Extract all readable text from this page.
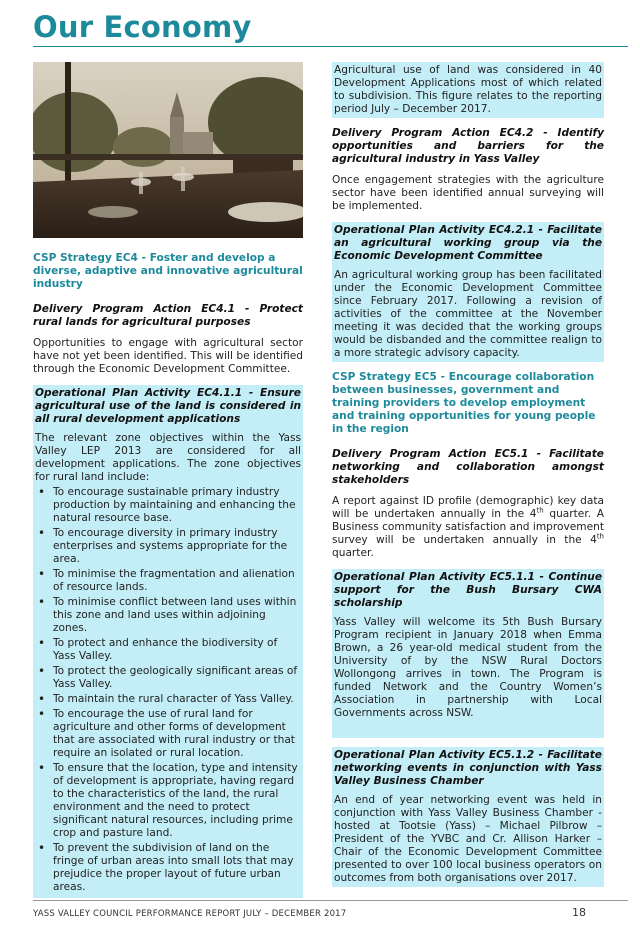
Our Economy
CSP Strategy EC4 - Foster and develop a diverse, adaptive and innovative agricultural industry
Delivery Program Action EC4.1 - Protect rural lands for agricultural purposes

Opportunities to engage with agricultural sector have not yet been identified. This will be identified through the Economic Development Committee.

Operational Plan Activity EC4.1.1 - Ensure agricultural use of the land is considered in all rural development applications

The relevant zone objectives within the Yass Valley LEP 2013 are considered for all development applications. The zone objectives for rural land include:

• To encourage sustainable primary industry production by maintaining and enhancing the natural resource base.
• To encourage diversity in primary industry enterprises and systems appropriate for the area.
• To minimise the fragmentation and alienation of resource lands.
• To minimise conflict between land uses within this zone and land uses within adjoining zones.
• To protect and enhance the biodiversity of Yass Valley.
• To protect the geologically significant areas of Yass Valley.
• To maintain the rural character of Yass Valley.
• To encourage the use of rural land for agriculture and other forms of development that are associated with rural industry or that require an isolated or rural location.
• To ensure that the location, type and intensity of development is appropriate, having regard to the characteristics of the land, the rural environment and the need to protect significant natural resources, including prime crop and pasture land.
• To prevent the subdivision of land on the fringe of urban areas into small lots that may prejudice the proper layout of future urban areas.

Agricultural use of land was considered in 40 Development Applications most of which related to subdivision. This figure relates to the reporting period July – December 2017.

Delivery Program Action EC4.2 - Identify opportunities and barriers for the agricultural industry in Yass Valley

Once engagement strategies with the agriculture sector have been identified annual surveying will be implemented.

Operational Plan Activity EC4.2.1 - Facilitate an agricultural working group via the Economic Development Committee

An agricultural working group has been facilitated under the Economic Development Committee since February 2017. Following a revision of activities of the committee at the November meeting it was decided that the working groups would be disbanded and the committee realign to a more strategic advisory capacity.

CSP Strategy EC5 - Encourage collaboration between businesses, government and training providers to develop employment and training opportunities for young people in the region
Delivery Program Action EC5.1 - Facilitate networking and collaboration amongst stakeholders

A report against ID profile (demographic) key data will be undertaken annually in the 4th quarter. A Business community satisfaction and improvement survey will be undertaken annually in the 4th quarter.

Operational Plan Activity EC5.1.1 - Continue support for the Bush Bursary CWA scholarship

Yass Valley will welcome its 5th Bush Bursary Program recipient in January 2018 when Emma Brown, a 26 year-old medical student from the University of by the NSW Rural Doctors Wollongong arrives in town. The Program is funded Network and the Country Women’s Association in partnership with Local Governments across NSW.

Operational Plan Activity EC5.1.2 - Facilitate networking events in conjunction with Yass Valley Business Chamber

An end of year networking event was held in conjunction with Yass Valley Business Chamber - hosted at Tootsie (Yass) – Michael Pilbrow – President of the YVBC and Cr. Allison Harker – Chair of the Economic Development Committee presented to over 100 local business operators on outcomes from both organisations over 2017.

YASS VALLEY COUNCIL PERFORMANCE REPORT JULY – DECEMBER 2017	18
